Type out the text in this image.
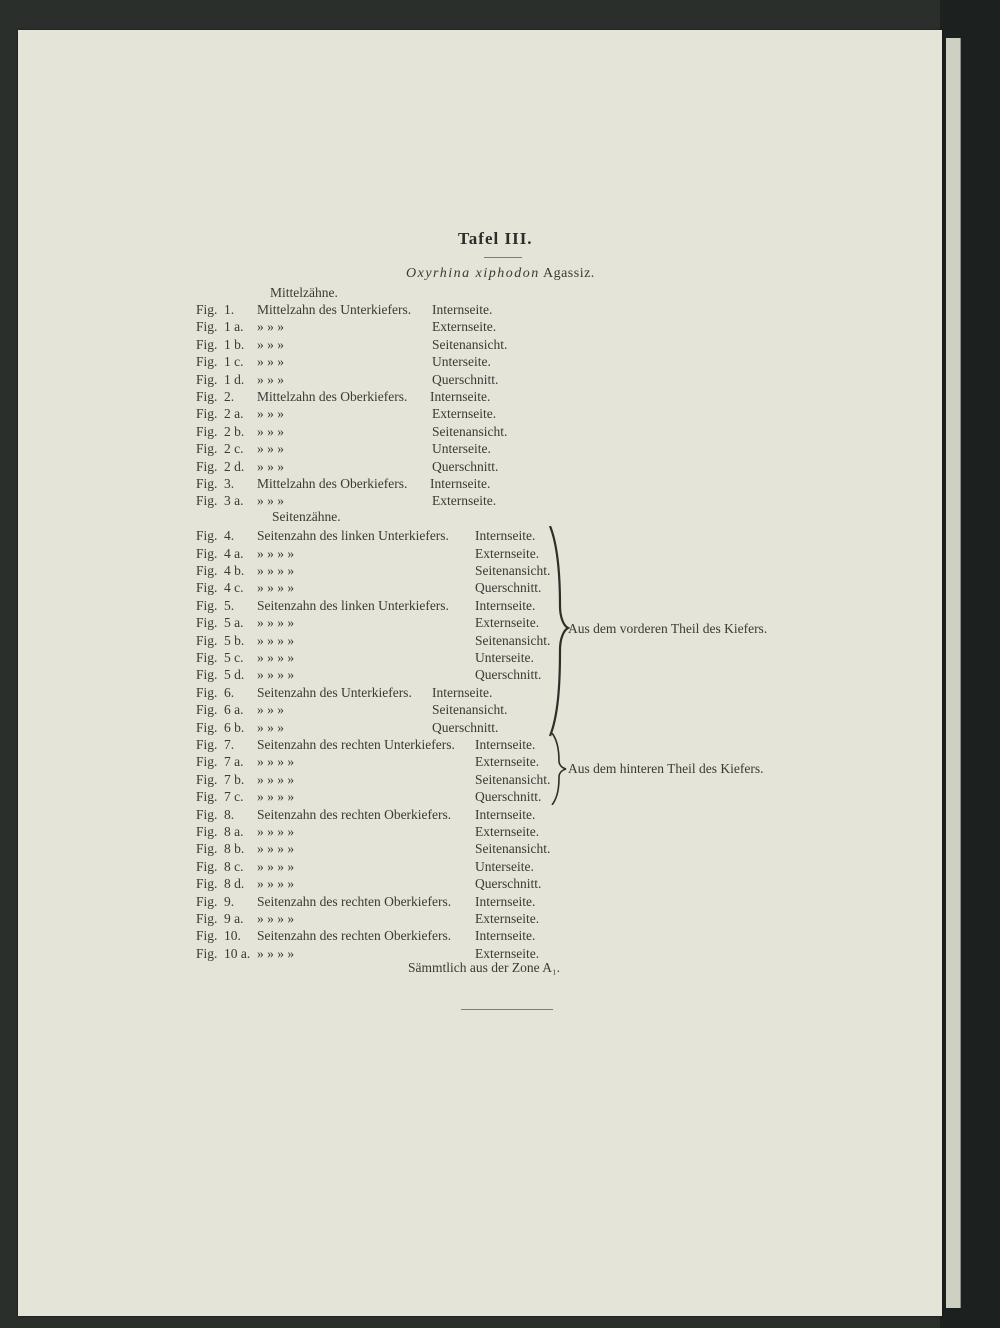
Tafel III.
Oxyrhina xiphodon Agassiz.
Mittelzähne.
Seitenzähne.
Fig. 1. Mittelzahn des Unterkiefers. Internseite.
Fig. 1 a. » » »	Externseite.
Fig. 1 b. » » »	Seitenansicht.
Fig. 1 c. » » »	Unterseite.
Fig. 1 d. » » »	Querschnitt.
Fig. 2. Mittelzahn des Oberkiefers. Internseite.
Fig. 2 a. » » »	Externseite.
Fig. 2 b. » » »	Seitenansicht.
Fig. 2 c. » » »	Unterseite.
Fig. 2 d. » » »	Querschnitt.
Fig. 3. Mittelzahn des Oberkiefers. Internseite.
Fig. 3 a. » » »	Externseite.
Fig. 4. Seitenzahn des linken Unterkiefers. Internseite.
Fig. 4 a. » » » »	Externseite.
Fig. 4 b. » » » »	Seitenansicht.
Fig. 4 c. » » » »	Querschnitt.
Fig. 5. Seitenzahn des linken Unterkiefers. Internseite.
Fig. 5 a. » » » »	Externseite.
Fig. 5 b. » » » »	Seitenansicht.
Fig. 5 c. » » » »	Unterseite.
Fig. 5 d. » » » »	Querschnitt.
Fig. 6. Seitenzahn des Unterkiefers. Internseite.
Fig. 6 a. » » »	Seitenansicht.
Fig. 6 b. » » »	Querschnitt.
Fig. 7. Seitenzahn des rechten Unterkiefers. Internseite.
Fig. 7 a. » » » »	Externseite.
Fig. 7 b. » » » »	Seitenansicht.
Fig. 7 c. » » » »	Querschnitt.
Fig. 8. Seitenzahn des rechten Oberkiefers. Internseite.
Fig. 8 a. » » » »	Externseite.
Fig. 8 b. » » » »	Seitenansicht.
Fig. 8 c. » » » »	Unterseite.
Fig. 8 d. » » » »	Querschnitt.
Fig. 9. Seitenzahn des rechten Oberkiefers. Internseite.
Fig. 9 a. » » » »	Externseite.
Fig. 10. Seitenzahn des rechten Oberkiefers. Internseite.
Fig. 10 a. » » » »	Externseite.
Aus dem vorderen Theil des Kiefers.
Aus dem hinteren Theil des Kiefers.
Sämmtlich aus der Zone A₁.
